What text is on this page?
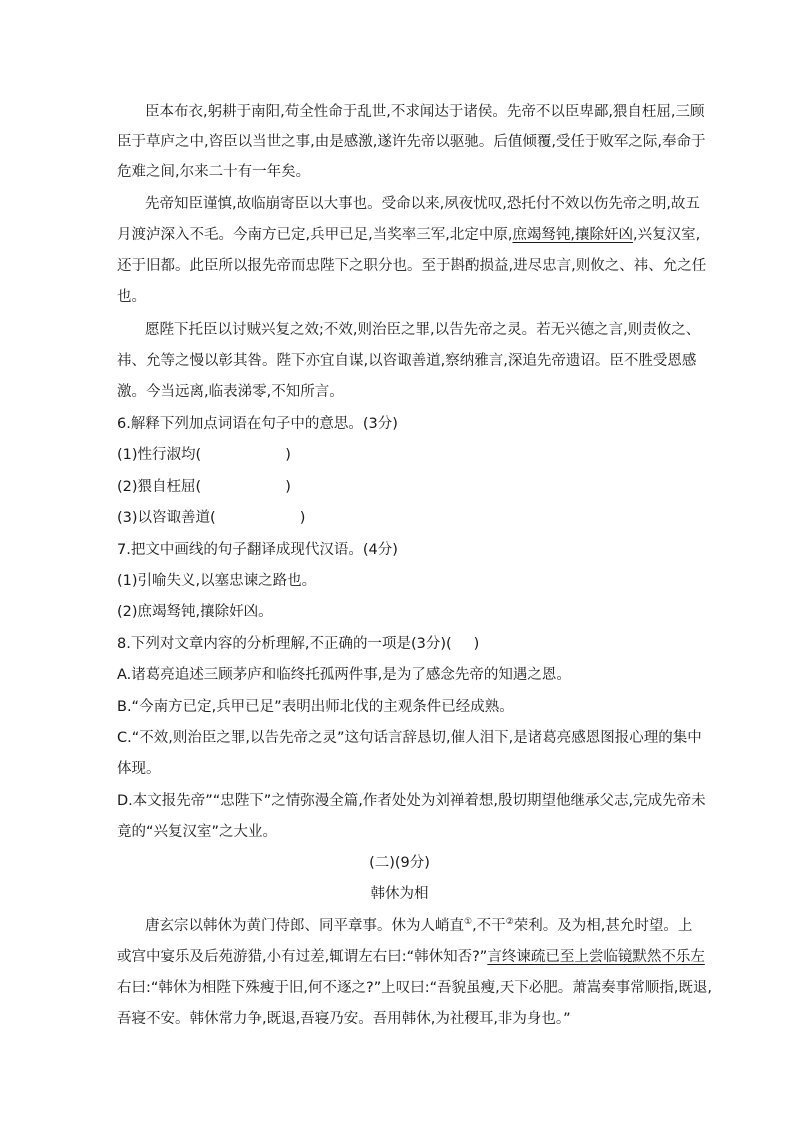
臣本布衣,躬耕于南阳,苟全性命于乱世,不求闻达于诸侯。先帝不以臣卑鄙,猥自枉屈,三顾
臣于草庐之中,咨臣以当世之事,由是感激,遂许先帝以驱驰。后值倾覆,受任于败军之际,奉命于
危难之间,尔来二十有一年矣。
先帝知臣谨慎,故临崩寄臣以大事也。受命以来,夙夜忧叹,恐托付不效以伤先帝之明,故五
月渡泸深入不毛。今南方已定,兵甲已足,当奖率三军,北定中原,庶竭驽钝,攘除奸凶,兴复汉室,
还于旧都。此臣所以报先帝而忠陛下之职分也。至于斟酌损益,进尽忠言,则攸之、祎、允之任
也。
愿陛下托臣以讨贼兴复之效;不效,则治臣之罪,以告先帝之灵。若无兴德之言,则责攸之、
祎、允等之慢以彰其咎。陛下亦宜自谋,以咨诹善道,察纳雅言,深追先帝遗诏。臣不胜受恩感
激。今当远离,临表涕零,不知所言。
6.解释下列加点词语在句子中的意思。(3分)
(1)性行淑均(	)
(2)猥自枉屈(	)
(3)以咨诹善道(	)
7.把文中画线的句子翻译成现代汉语。(4分)
(1)引喻失义,以塞忠谏之路也。
(2)庶竭驽钝,攘除奸凶。
8.下列对文章内容的分析理解,不正确的一项是(3分)( )
A.诸葛亮追述三顾茅庐和临终托孤两件事,是为了感念先帝的知遇之恩。
B.“今南方已定,兵甲已足”表明出师北伐的主观条件已经成熟。
C.“不效,则治臣之罪,以告先帝之灵”这句话言辞恳切,催人泪下,是诸葛亮感恩图报心理的集中
体现。
D.本文报先帝”“忠陛下”之情弥漫全篇,作者处处为刘禅着想,殷切期望他继承父志,完成先帝未
竟的“兴复汉室”之大业。
(二)(9分)
韩休为相
唐玄宗以韩休为黄门侍郎、同平章事。休为人峭直①,不干②荣利。及为相,甚允时望。上
或宫中宴乐及后苑游猎,小有过差,辄谓左右曰:“韩休知否?”言终谏疏已至上尝临镜默然不乐左
右曰:“韩休为相陛下殊瘦于旧,何不逐之?”上叹曰:“吾貌虽瘦,天下必肥。萧嵩奏事常顺指,既退,
吾寝不安。韩休常力争,既退,吾寝乃安。吾用韩休,为社稷耳,非为身也。”
